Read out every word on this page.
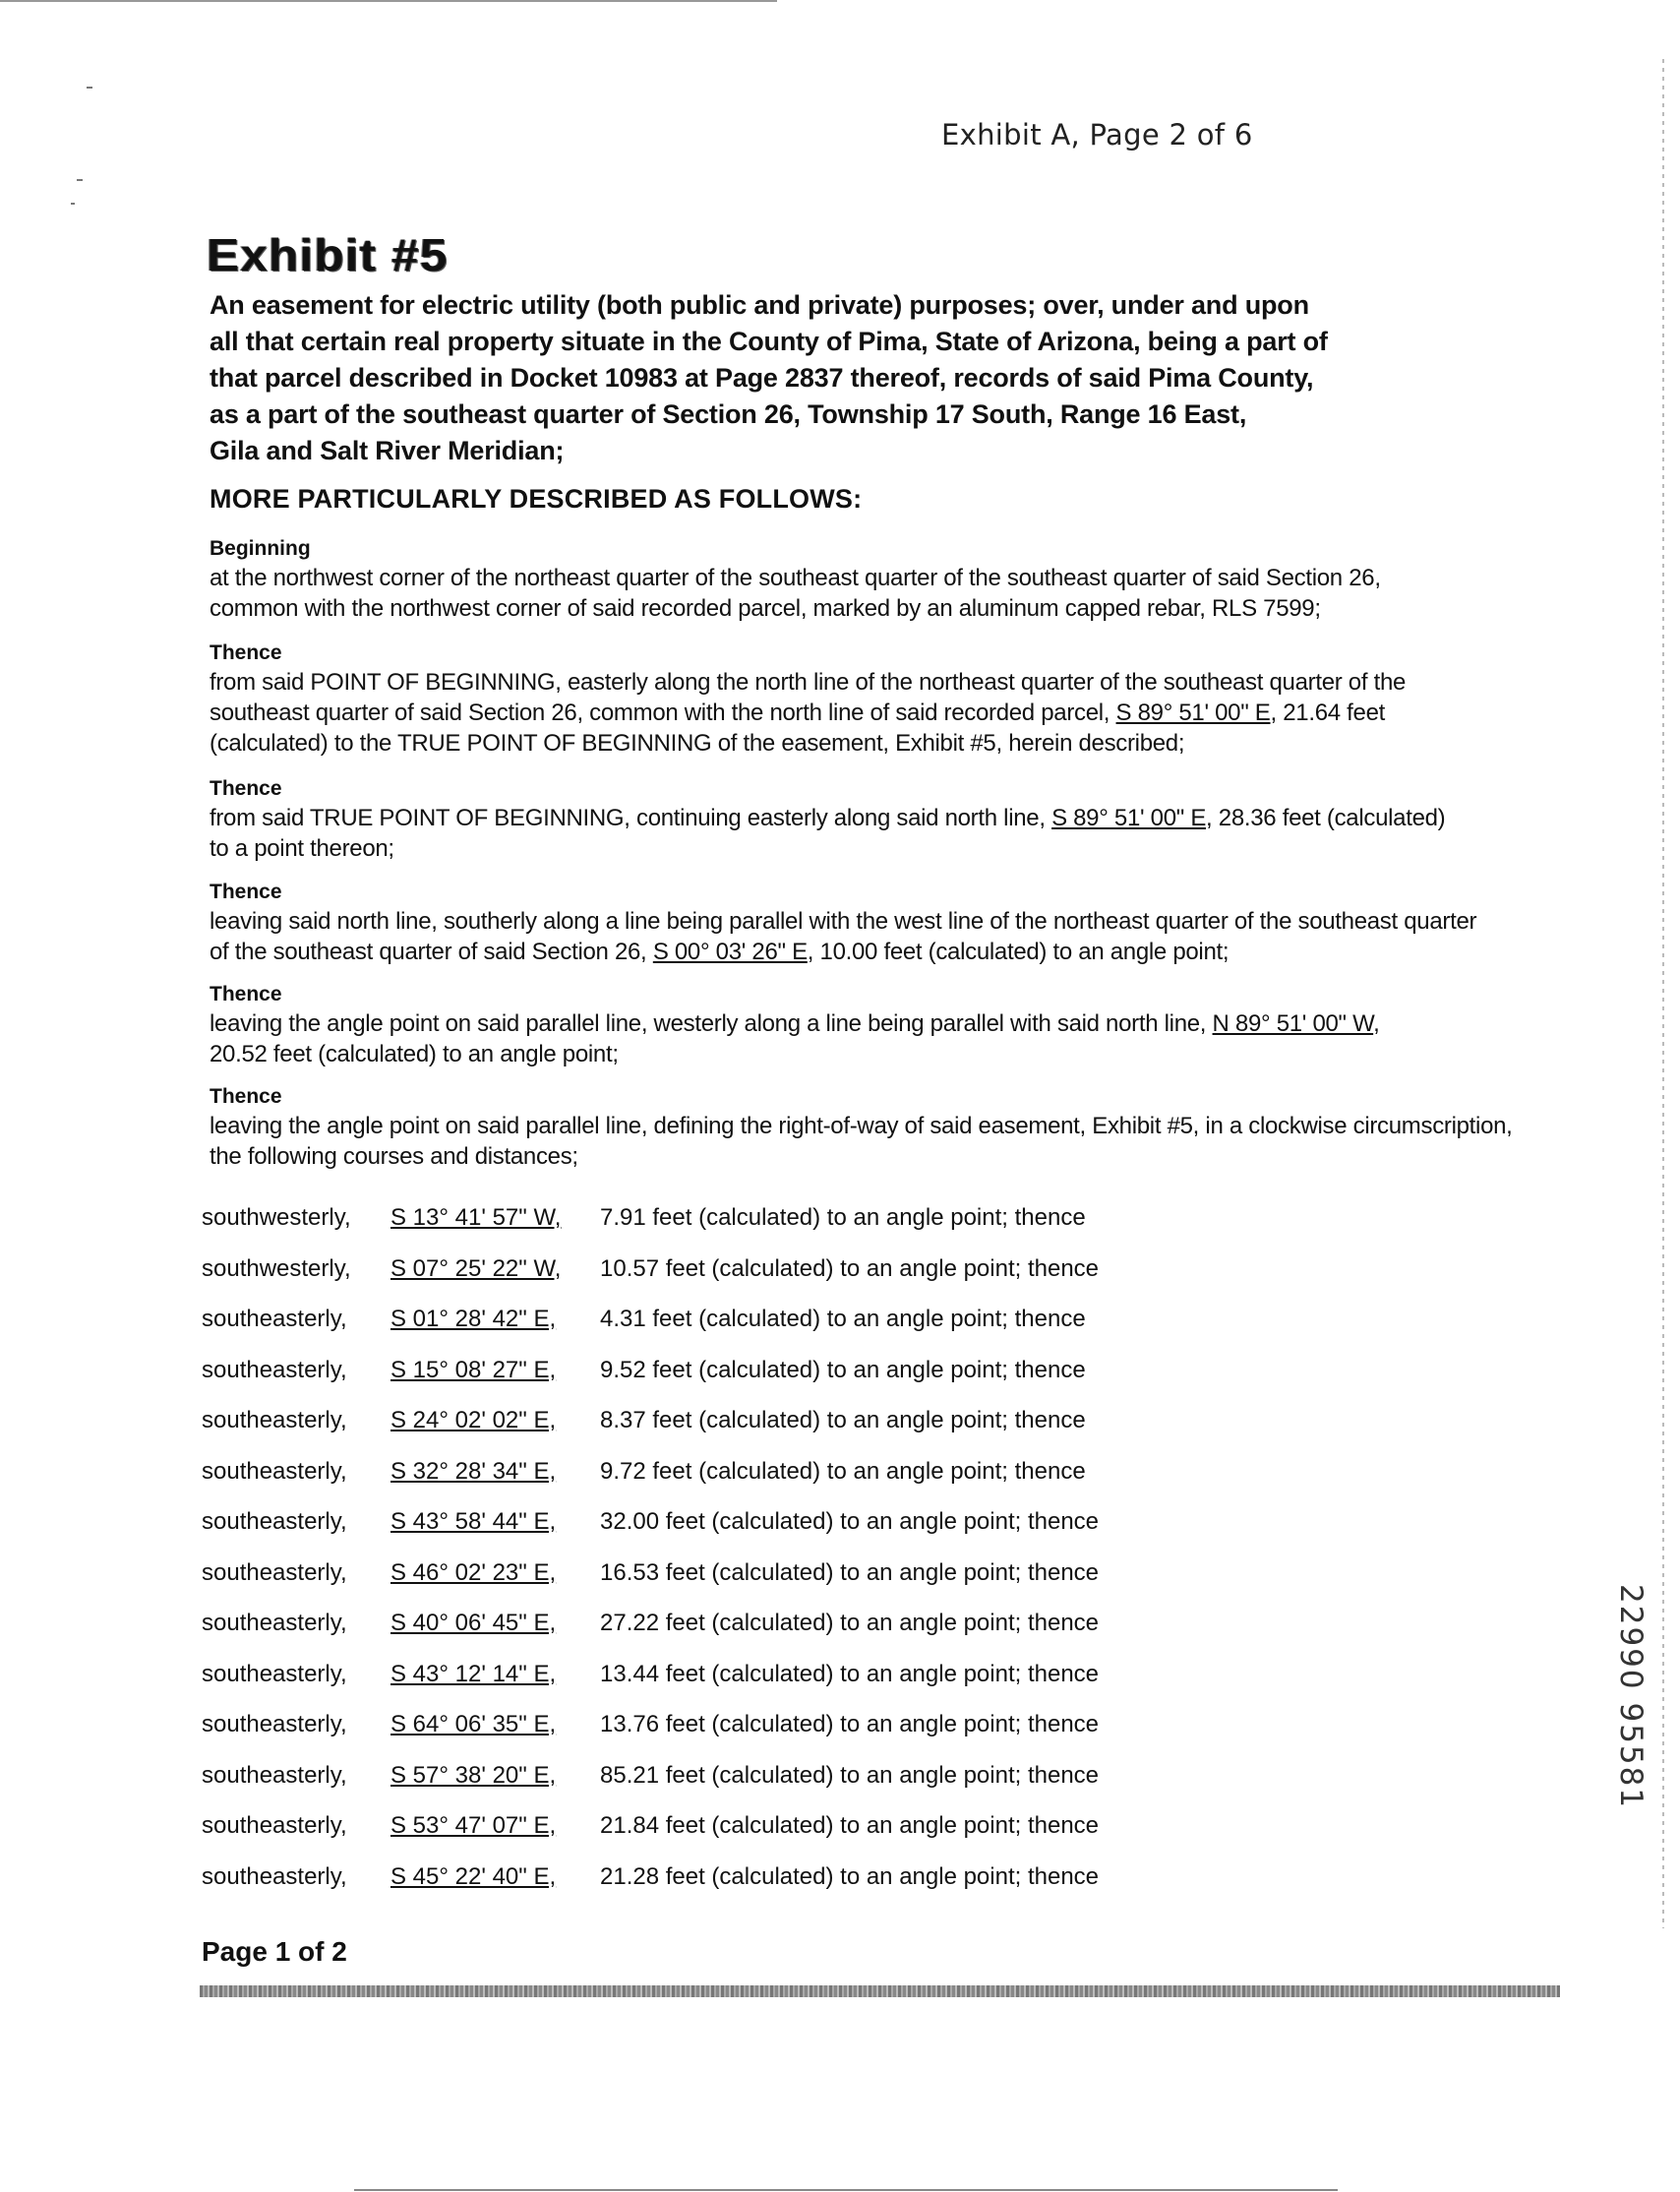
Exhibit A, Page 2 of 6
Exhibit #5
An easement for electric utility (both public and private) purposes; over, under and upon
all that certain real property situate in the County of Pima, State of Arizona, being a part of
that parcel described in Docket 10983 at Page 2837 thereof, records of said Pima County,
as a part of the southeast quarter of Section 26, Township 17 South, Range 16 East,
Gila and Salt River Meridian;
MORE PARTICULARLY DESCRIBED AS FOLLOWS:
Beginning
at the northwest corner of the northeast quarter of the southeast quarter of the southeast quarter of said Section 26,
common with the northwest corner of said recorded parcel, marked by an aluminum capped rebar, RLS 7599;
Thence
from said POINT OF BEGINNING, easterly along the north line of the northeast quarter of the southeast quarter of the
southeast quarter of said Section 26, common with the north line of said recorded parcel, S 89° 51' 00" E, 21.64 feet
(calculated) to the TRUE POINT OF BEGINNING of the easement, Exhibit #5, herein described;
Thence
from said TRUE POINT OF BEGINNING, continuing easterly along said north line, S 89° 51' 00" E, 28.36 feet (calculated)
to a point thereon;
Thence
leaving said north line, southerly along a line being parallel with the west line of the northeast quarter of the southeast quarter
of the southeast quarter of said Section 26, S 00° 03' 26" E, 10.00 feet (calculated) to an angle point;
Thence
leaving the angle point on said parallel line, westerly along a line being parallel with said north line, N 89° 51' 00" W,
20.52 feet (calculated) to an angle point;
Thence
leaving the angle point on said parallel line, defining the right-of-way of said easement, Exhibit #5, in a clockwise circumscription,
the following courses and distances;
southwesterly, S 13° 41' 57" W, 7.91 feet (calculated) to an angle point; thence
southwesterly, S 07° 25' 22" W, 10.57 feet (calculated) to an angle point; thence
southeasterly, S 01° 28' 42" E, 4.31 feet (calculated) to an angle point; thence
southeasterly, S 15° 08' 27" E, 9.52 feet (calculated) to an angle point; thence
southeasterly, S 24° 02' 02" E, 8.37 feet (calculated) to an angle point; thence
southeasterly, S 32° 28' 34" E, 9.72 feet (calculated) to an angle point; thence
southeasterly, S 43° 58' 44" E, 32.00 feet (calculated) to an angle point; thence
southeasterly, S 46° 02' 23" E, 16.53 feet (calculated) to an angle point; thence
southeasterly, S 40° 06' 45" E, 27.22 feet (calculated) to an angle point; thence
southeasterly, S 43° 12' 14" E, 13.44 feet (calculated) to an angle point; thence
southeasterly, S 64° 06' 35" E, 13.76 feet (calculated) to an angle point; thence
southeasterly, S 57° 38' 20" E, 85.21 feet (calculated) to an angle point; thence
southeasterly, S 53° 47' 07" E, 21.84 feet (calculated) to an angle point; thence
southeasterly, S 45° 22' 40" E, 21.28 feet (calculated) to an angle point; thence
Page 1 of 2
22990 95581
